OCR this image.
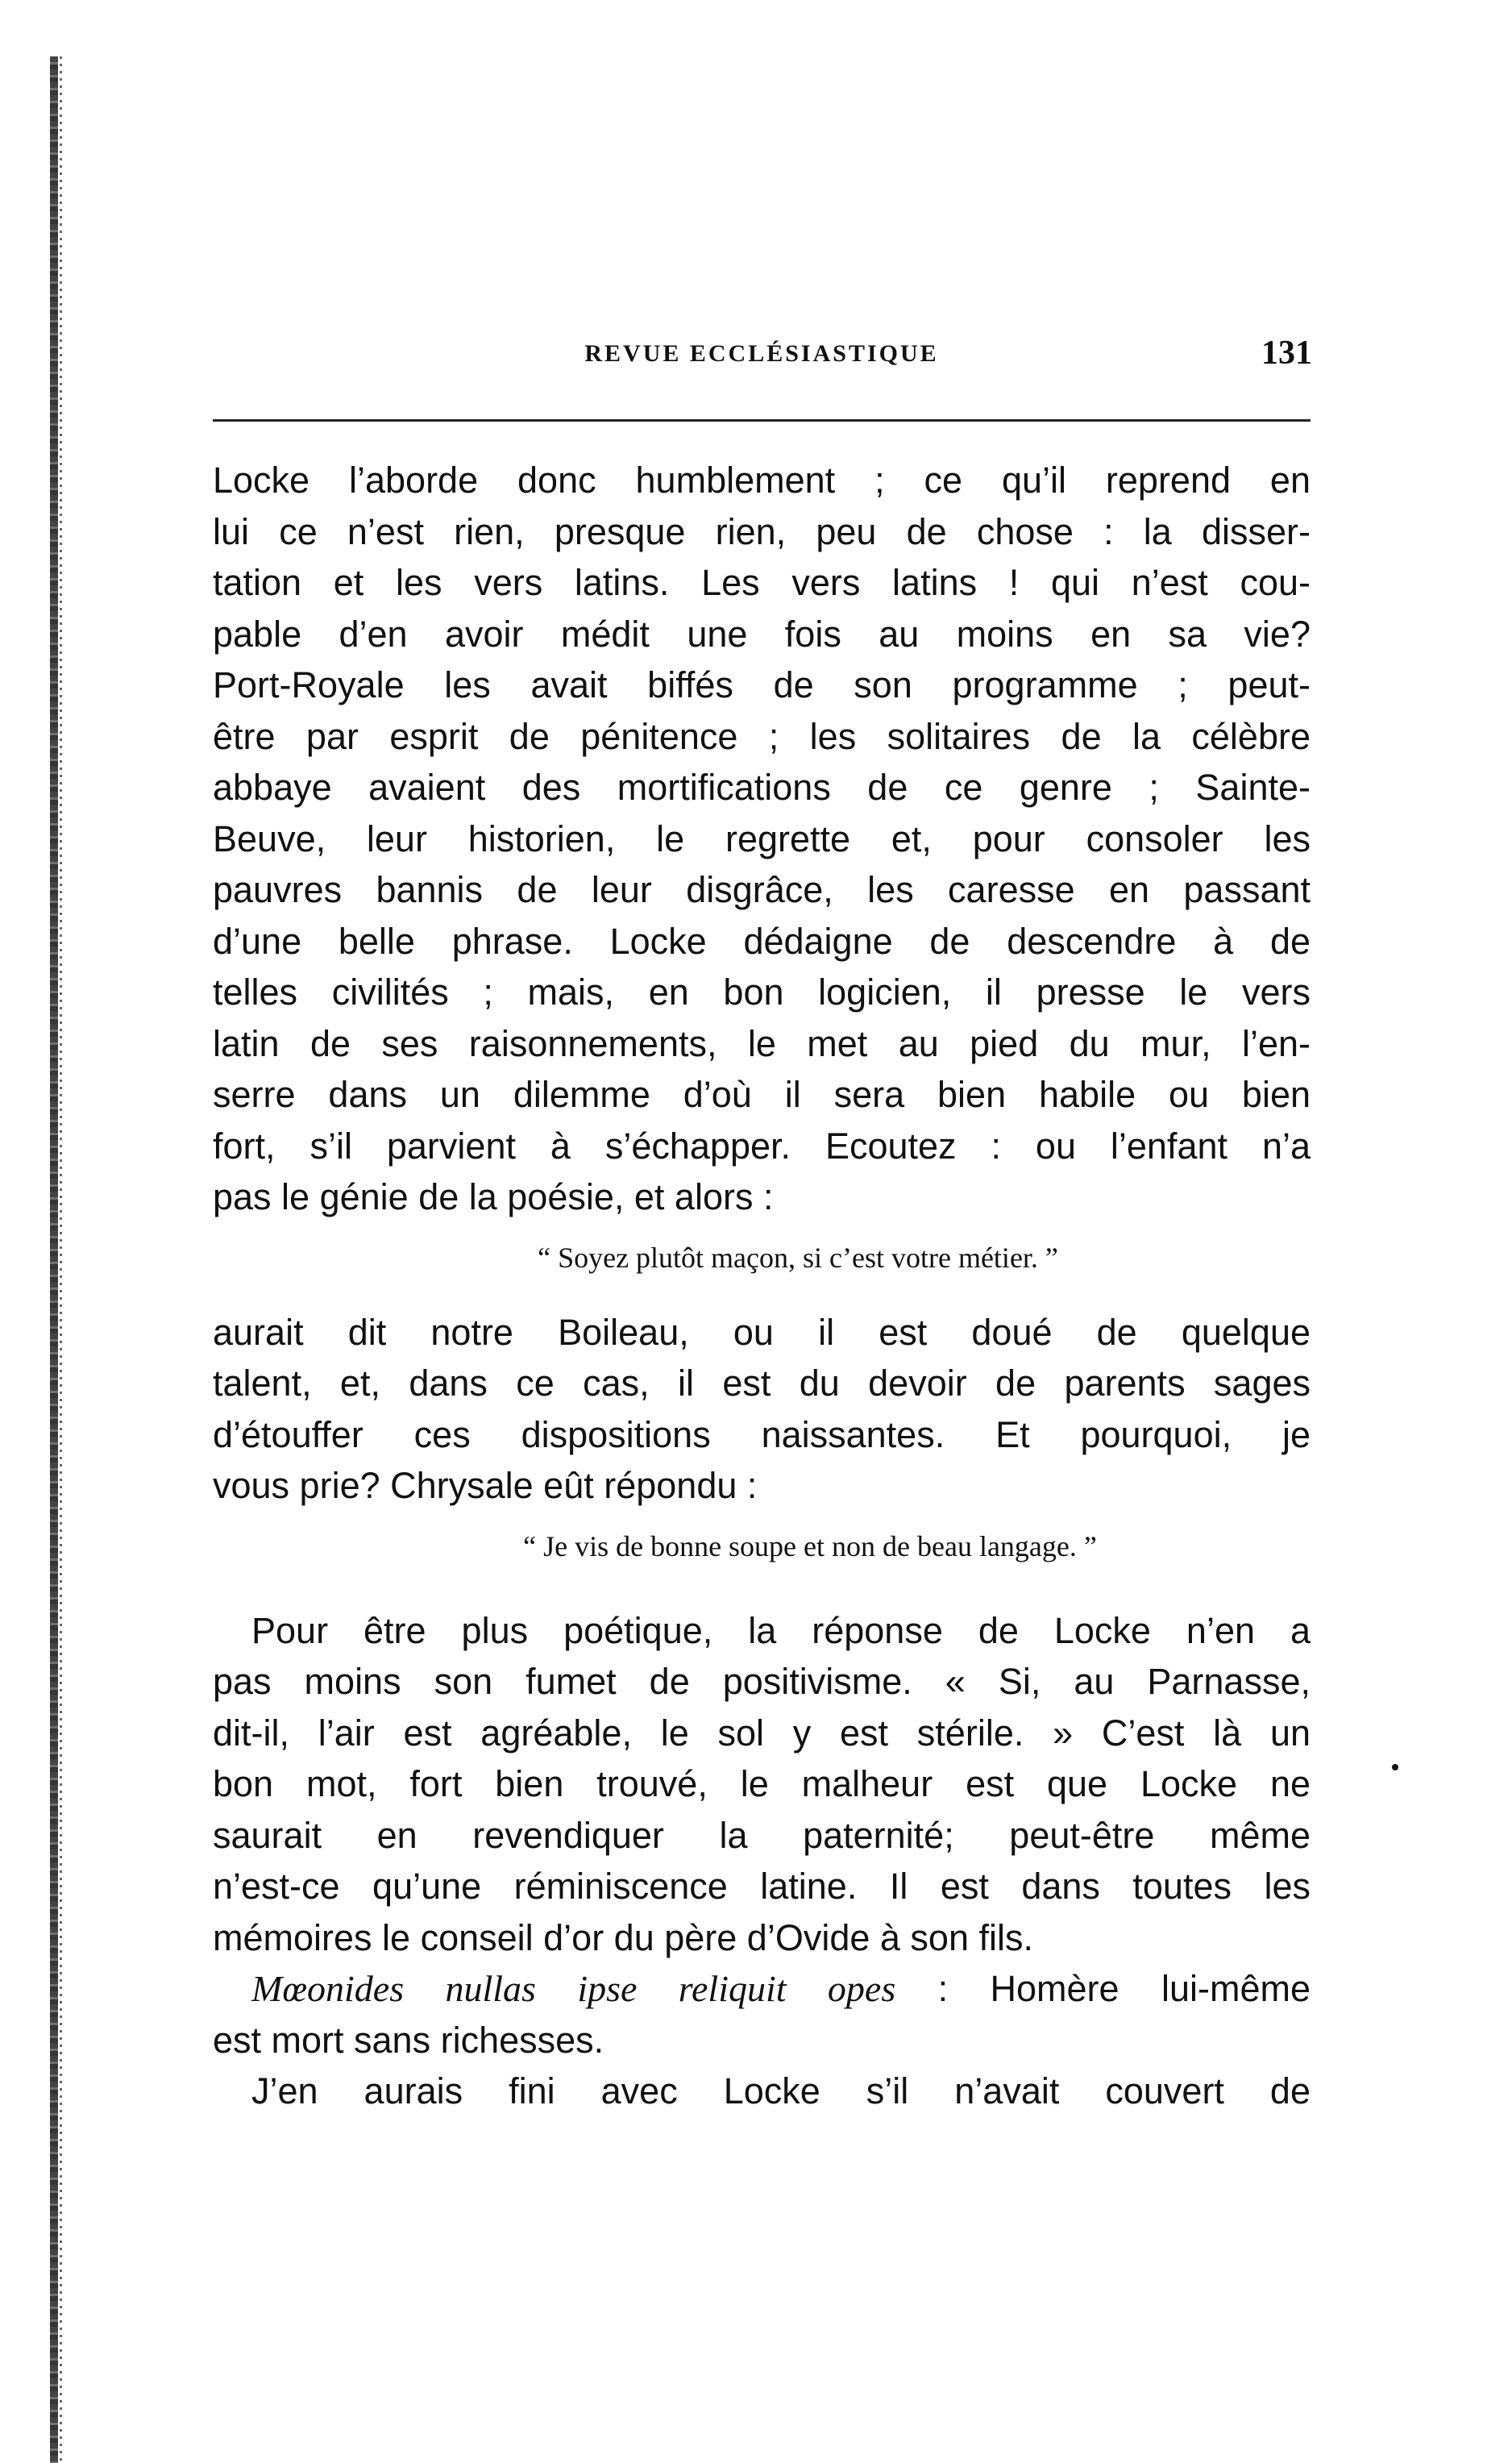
REVUE ECCLÉSIASTIQUE	131
Locke l’aborde donc humblement ; ce qu’il reprend en
lui ce n’est rien, presque rien, peu de chose : la disser-
tation et les vers latins. Les vers latins ! qui n’est cou-
pable d’en avoir médit une fois au moins en sa vie?
Port-Royale les avait biffés de son programme ; peut-
être par esprit de pénitence ; les solitaires de la célèbre
abbaye avaient des mortifications de ce genre ; Sainte-
Beuve, leur historien, le regrette et, pour consoler les
pauvres bannis de leur disgrâce, les caresse en passant
d’une belle phrase. Locke dédaigne de descendre à de
telles civilités ; mais, en bon logicien, il presse le vers
latin de ses raisonnements, le met au pied du mur, l’en-
serre dans un dilemme d’où il sera bien habile ou bien
fort, s’il parvient à s’échapper. Ecoutez : ou l’enfant n’a
pas le génie de la poésie, et alors :
“ Soyez plutôt maçon, si c’est votre métier. ”
aurait dit notre Boileau, ou il est doué de quelque
talent, et, dans ce cas, il est du devoir de parents sages
d’étouffer ces dispositions naissantes. Et pourquoi, je
vous prie? Chrysale eût répondu :
“ Je vis de bonne soupe et non de beau langage. ”
Pour être plus poétique, la réponse de Locke n’en a
pas moins son fumet de positivisme. « Si, au Parnasse,
dit-il, l’air est agréable, le sol y est stérile. » C’est là un
bon mot, fort bien trouvé, le malheur est que Locke ne
saurait en revendiquer la paternité; peut-être même
n’est-ce qu’une réminiscence latine. Il est dans toutes les
mémoires le conseil d’or du père d’Ovide à son fils.
Mœonides nullas ipse reliquit opes : Homère lui-même
est mort sans richesses.
J’en aurais fini avec Locke s’il n’avait couvert de
